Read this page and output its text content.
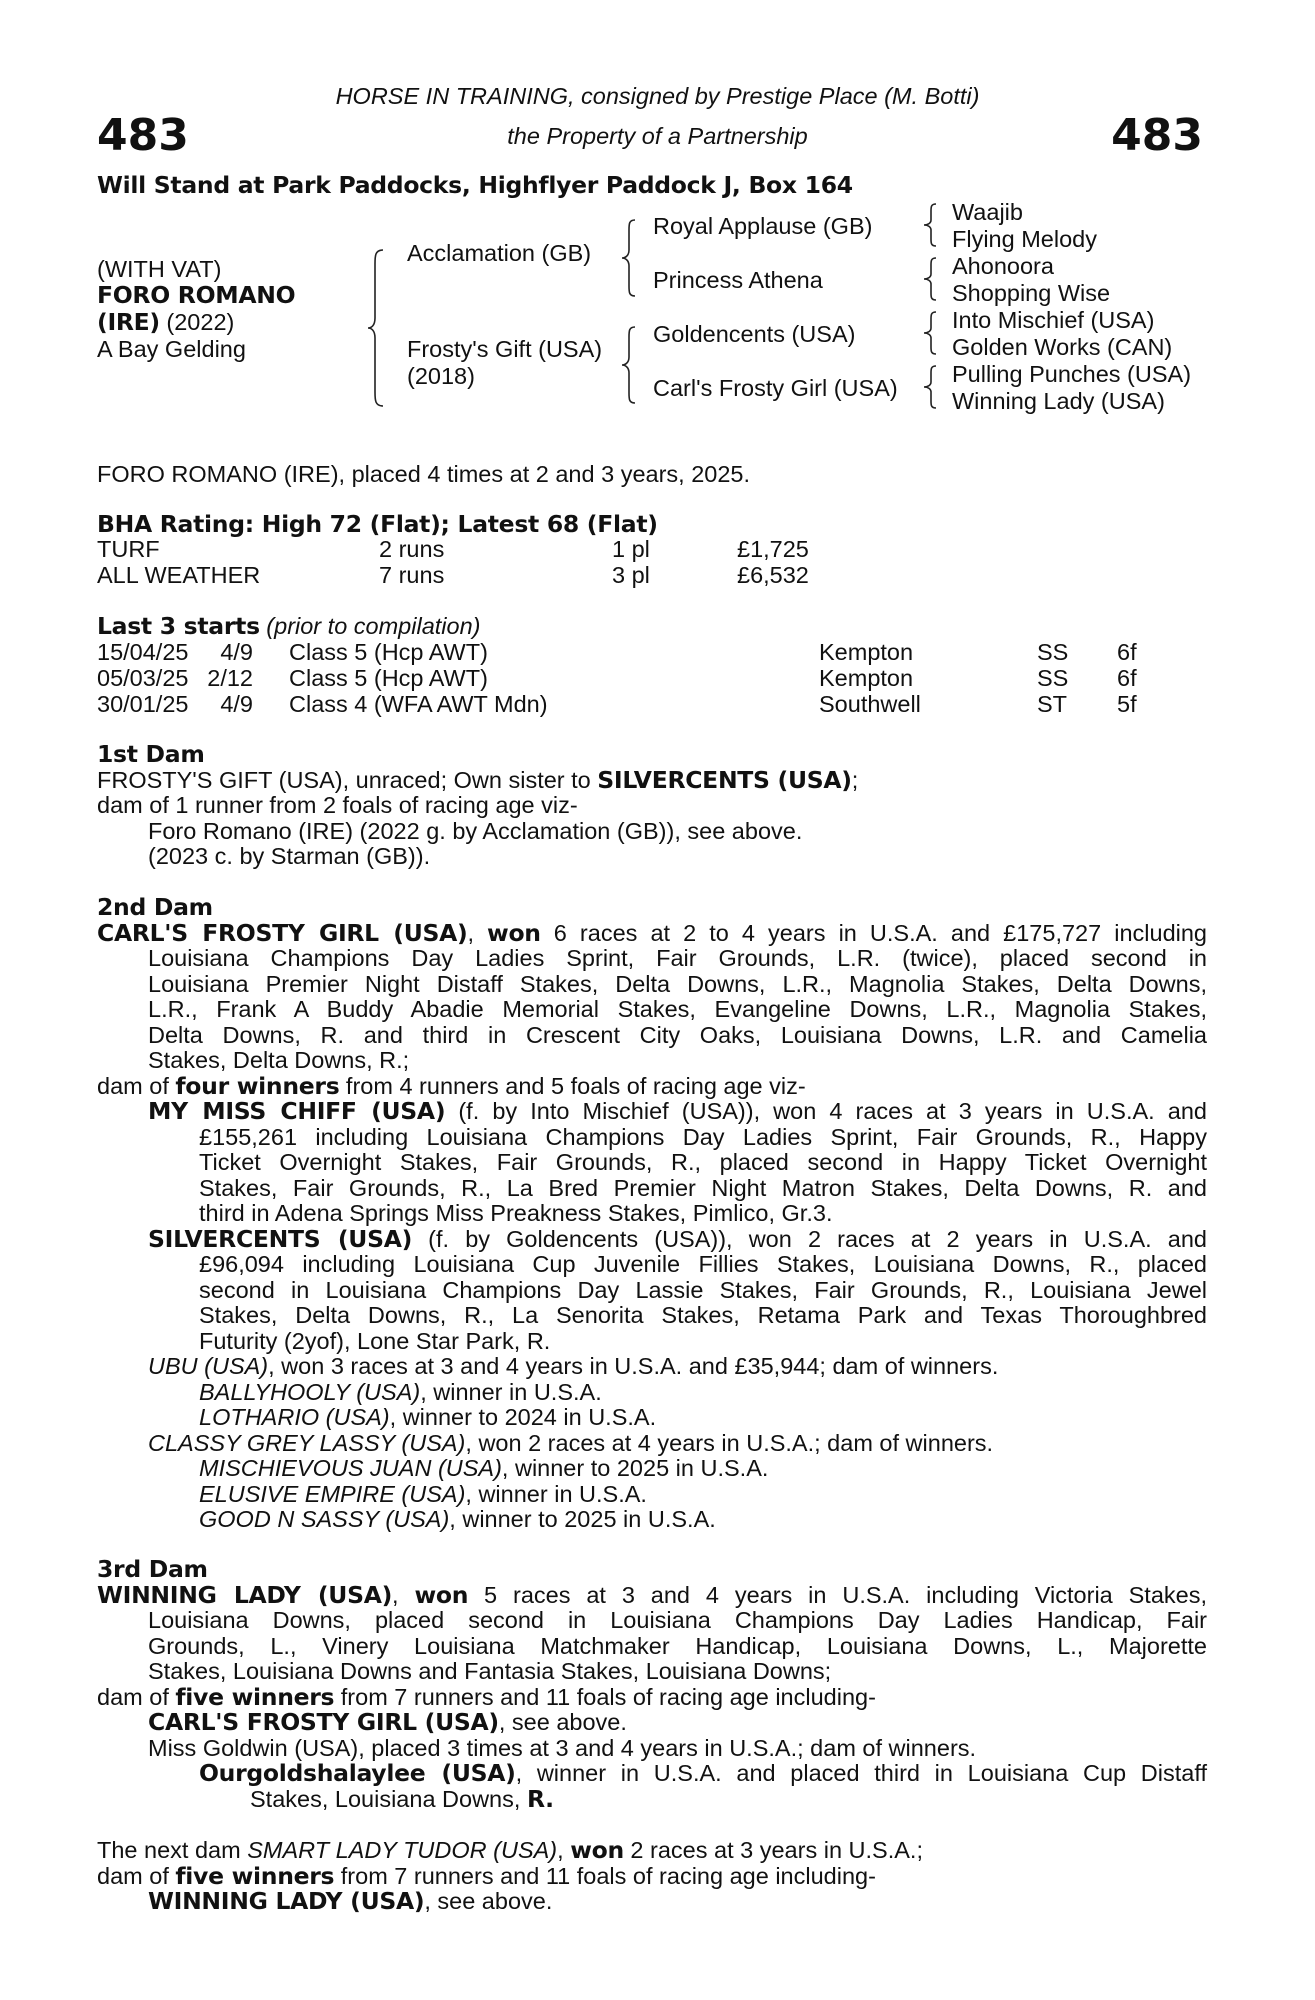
483	483
HORSE IN TRAINING, consigned by Prestige Place (M. Botti)
the Property of a Partnership
Will Stand at Park Paddocks, Highflyer Paddock J, Box 164
(WITH VAT)
FORO ROMANO
(IRE) (2022)
A Bay Gelding
Acclamation (GB)
Frosty's Gift (USA)
(2018)
Royal Applause (GB)
Princess Athena
Goldencents (USA)
Carl's Frosty Girl (USA)
Waajib
Flying Melody
Ahonoora
Shopping Wise
Into Mischief (USA)
Golden Works (CAN)
Pulling Punches (USA)
Winning Lady (USA)
FORO ROMANO (IRE), placed 4 times at 2 and 3 years, 2025.
BHA Rating: High 72 (Flat); Latest 68 (Flat)
TURF	2 runs	1 pl	£1,725
ALL WEATHER	7 runs	3 pl	£6,532
Last 3 starts (prior to compilation)
15/04/25	4/9 Class 5 (Hcp AWT)	Kempton	SS 6f
05/03/25 2/12 Class 5 (Hcp AWT)	Kempton	SS 6f
30/01/25	4/9 Class 4 (WFA AWT Mdn)	Southwell	ST 5f
1st Dam
FROSTY'S GIFT (USA), unraced; Own sister to SILVERCENTS (USA);
dam of 1 runner from 2 foals of racing age viz-
Foro Romano (IRE) (2022 g. by Acclamation (GB)), see above.
(2023 c. by Starman (GB)).
2nd Dam
CARL'S FROSTY GIRL (USA), won 6 races at 2 to 4 years in U.S.A. and £175,727 including
Louisiana Champions Day Ladies Sprint, Fair Grounds, L.R. (twice), placed second in
Louisiana Premier Night Distaff Stakes, Delta Downs, L.R., Magnolia Stakes, Delta Downs,
L.R., Frank A Buddy Abadie Memorial Stakes, Evangeline Downs, L.R., Magnolia Stakes,
Delta Downs, R. and third in Crescent City Oaks, Louisiana Downs, L.R. and Camelia
Stakes, Delta Downs, R.;
dam of four winners from 4 runners and 5 foals of racing age viz-
MY MISS CHIFF (USA) (f. by Into Mischief (USA)), won 4 races at 3 years in U.S.A. and
£155,261 including Louisiana Champions Day Ladies Sprint, Fair Grounds, R., Happy
Ticket Overnight Stakes, Fair Grounds, R., placed second in Happy Ticket Overnight
Stakes, Fair Grounds, R., La Bred Premier Night Matron Stakes, Delta Downs, R. and
third in Adena Springs Miss Preakness Stakes, Pimlico, Gr.3.
SILVERCENTS (USA) (f. by Goldencents (USA)), won 2 races at 2 years in U.S.A. and
£96,094 including Louisiana Cup Juvenile Fillies Stakes, Louisiana Downs, R., placed
second in Louisiana Champions Day Lassie Stakes, Fair Grounds, R., Louisiana Jewel
Stakes, Delta Downs, R., La Senorita Stakes, Retama Park and Texas Thoroughbred
Futurity (2yof), Lone Star Park, R.
UBU (USA), won 3 races at 3 and 4 years in U.S.A. and £35,944; dam of winners.
BALLYHOOLY (USA), winner in U.S.A.
LOTHARIO (USA), winner to 2024 in U.S.A.
CLASSY GREY LASSY (USA), won 2 races at 4 years in U.S.A.; dam of winners.
MISCHIEVOUS JUAN (USA), winner to 2025 in U.S.A.
ELUSIVE EMPIRE (USA), winner in U.S.A.
GOOD N SASSY (USA), winner to 2025 in U.S.A.
3rd Dam
WINNING LADY (USA), won 5 races at 3 and 4 years in U.S.A. including Victoria Stakes,
Louisiana Downs, placed second in Louisiana Champions Day Ladies Handicap, Fair
Grounds, L., Vinery Louisiana Matchmaker Handicap, Louisiana Downs, L., Majorette
Stakes, Louisiana Downs and Fantasia Stakes, Louisiana Downs;
dam of five winners from 7 runners and 11 foals of racing age including-
CARL'S FROSTY GIRL (USA), see above.
Miss Goldwin (USA), placed 3 times at 3 and 4 years in U.S.A.; dam of winners.
Ourgoldshalaylee (USA), winner in U.S.A. and placed third in Louisiana Cup Distaff
Stakes, Louisiana Downs, R.
The next dam SMART LADY TUDOR (USA), won 2 races at 3 years in U.S.A.;
dam of five winners from 7 runners and 11 foals of racing age including-
WINNING LADY (USA), see above.
